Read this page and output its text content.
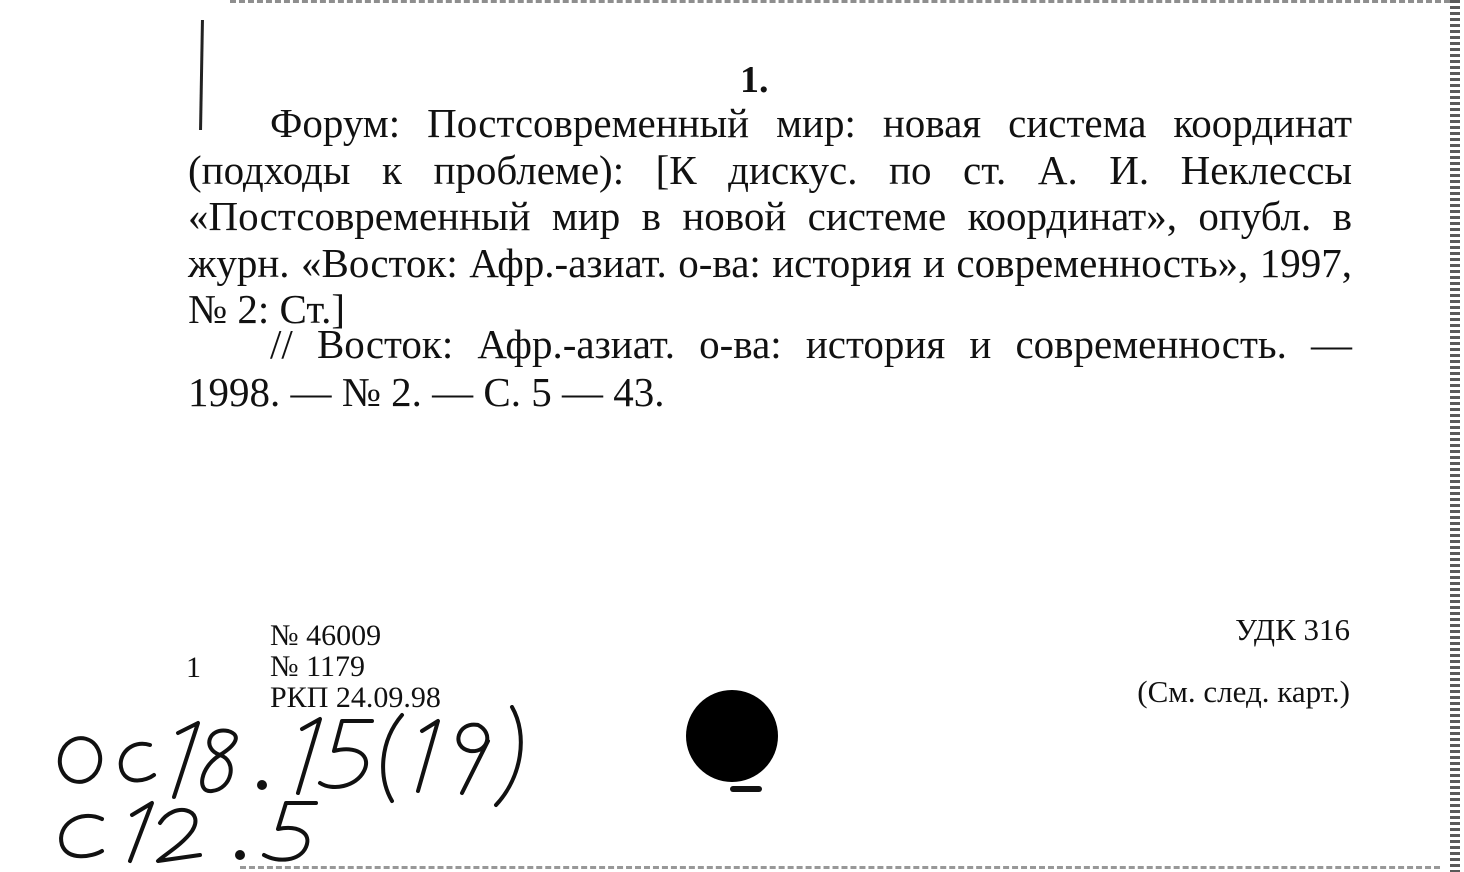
1.

Форум: Постсовременный мир: новая система координат (подходы к проблеме): [К дискус. по ст. А. И. Неклессы «Постсовременный мир в новой системе координат», опубл. в журн. «Восток: Афр.-азиат. о-ва: история и современность», 1997, № 2: Ст.]

// Восток: Афр.-азиат. о-ва: история и современность. — 1998. — № 2. — С. 5 — 43.

1
№ 46009
№ 1179
РКП 24.09.98
УДК 316
(См. след. карт.)
